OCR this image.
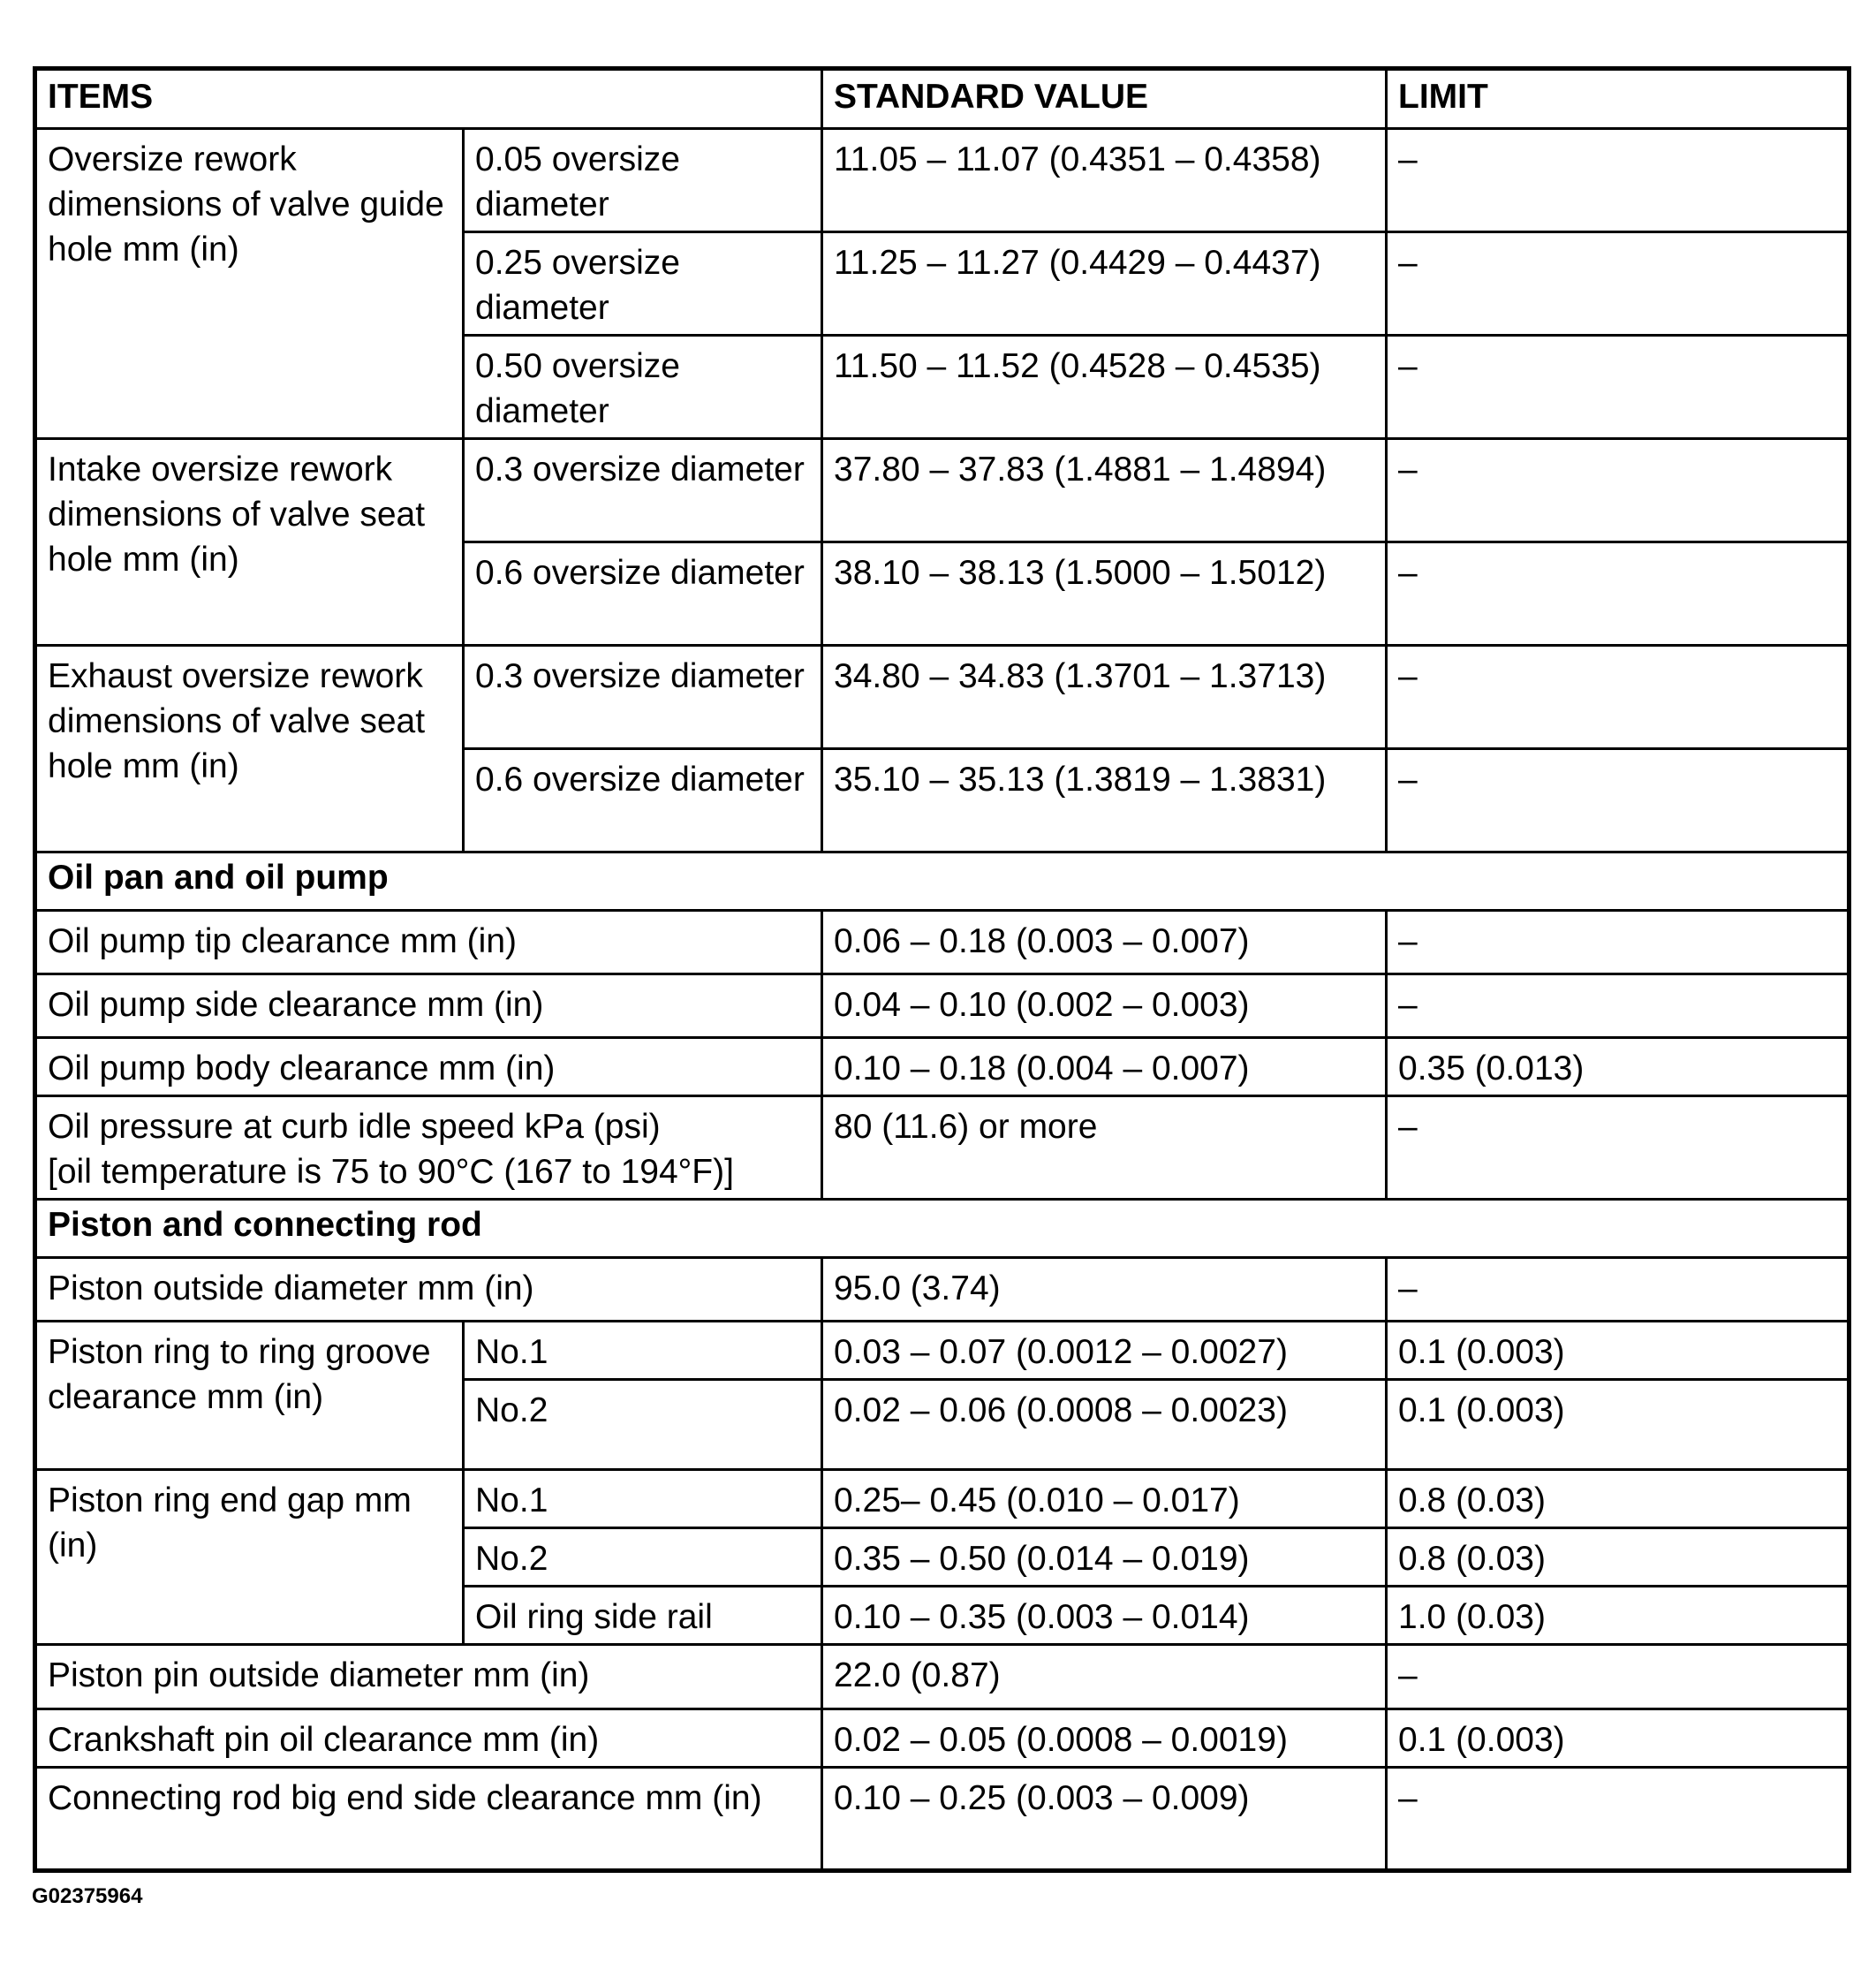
ITEMS		STANDARD VALUE	LIMIT
Oversize rework dimensions of valve guide hole mm (in)	0.05 oversize diameter	11.05 – 11.07 (0.4351 – 0.4358)	–
	0.25 oversize diameter	11.25 – 11.27 (0.4429 – 0.4437)	–
	0.50 oversize diameter	11.50 – 11.52 (0.4528 – 0.4535)	–
Intake oversize rework dimensions of valve seat hole mm (in)	0.3 oversize diameter	37.80 – 37.83 (1.4881 – 1.4894)	–
	0.6 oversize diameter	38.10 – 38.13 (1.5000 – 1.5012)	–
Exhaust oversize rework dimensions of valve seat hole mm (in)	0.3 oversize diameter	34.80 – 34.83 (1.3701 – 1.3713)	–
	0.6 oversize diameter	35.10 – 35.13 (1.3819 – 1.3831)	–
Oil pan and oil pump			
Oil pump tip clearance mm (in)		0.06 – 0.18 (0.003 – 0.007)	–
Oil pump side clearance mm (in)		0.04 – 0.10 (0.002 – 0.003)	–
Oil pump body clearance mm (in)		0.10 – 0.18 (0.004 – 0.007)	0.35 (0.013)

Oil pressure at curb idle speed kPa (psi)
[oil temperature is 75 to 90°C (167 to 194°F)]		80 (11.6) or more	–
Piston and connecting rod			
Piston outside diameter mm (in)		95.0 (3.74)	–
Piston ring to ring groove clearance mm (in)	No.1	0.03 – 0.07 (0.0012 – 0.0027)	0.1 (0.003)
	No.2	0.02 – 0.06 (0.0008 – 0.0023)	0.1 (0.003)
Piston ring end gap mm (in)	No.1	0.25– 0.45 (0.010 – 0.017)	0.8 (0.03)
	No.2	0.35 – 0.50 (0.014 – 0.019)	0.8 (0.03)
	Oil ring side rail	0.10 – 0.35 (0.003 – 0.014)	1.0 (0.03)
Piston pin outside diameter mm (in)		22.0 (0.87)	–
Crankshaft pin oil clearance mm (in)		0.02 – 0.05 (0.0008 – 0.0019)	0.1 (0.003)
Connecting rod big end side clearance mm (in)		0.10 – 0.25 (0.003 – 0.009)	–
G02375964
